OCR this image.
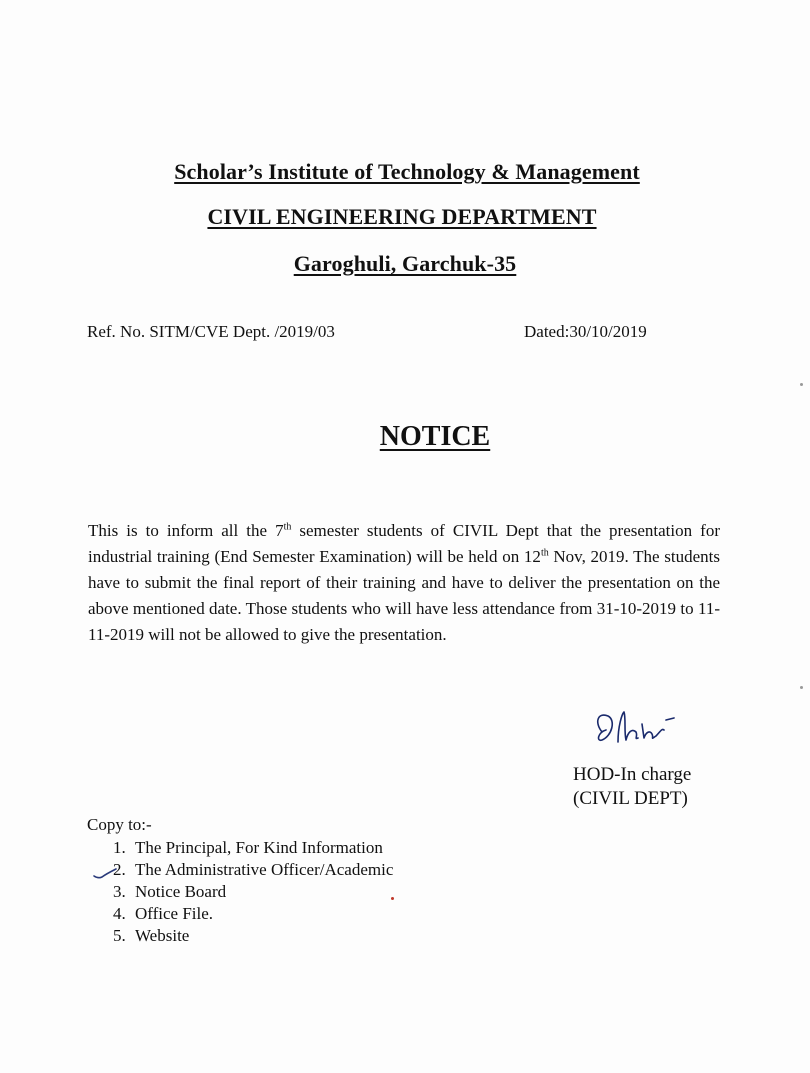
Scholar’s Institute of Technology & Management
CIVIL ENGINEERING DEPARTMENT
Garoghuli, Garchuk-35
Ref. No. SITM/CVE Dept. /2019/03	Dated:30/10/2019
NOTICE
This is to inform all the 7th semester students of CIVIL Dept that the presentation for industrial training (End Semester Examination) will be held on 12th Nov, 2019. The students have to submit the final report of their training and have to deliver the presentation on the above mentioned date. Those students who will have less attendance from 31-10-2019 to 11-11-2019 will not be allowed to give the presentation.
HOD-In charge
(CIVIL DEPT)
Copy to:-
1. The Principal, For Kind Information
2. The Administrative Officer/Academic
3. Notice Board
4. Office File.
5. Website
